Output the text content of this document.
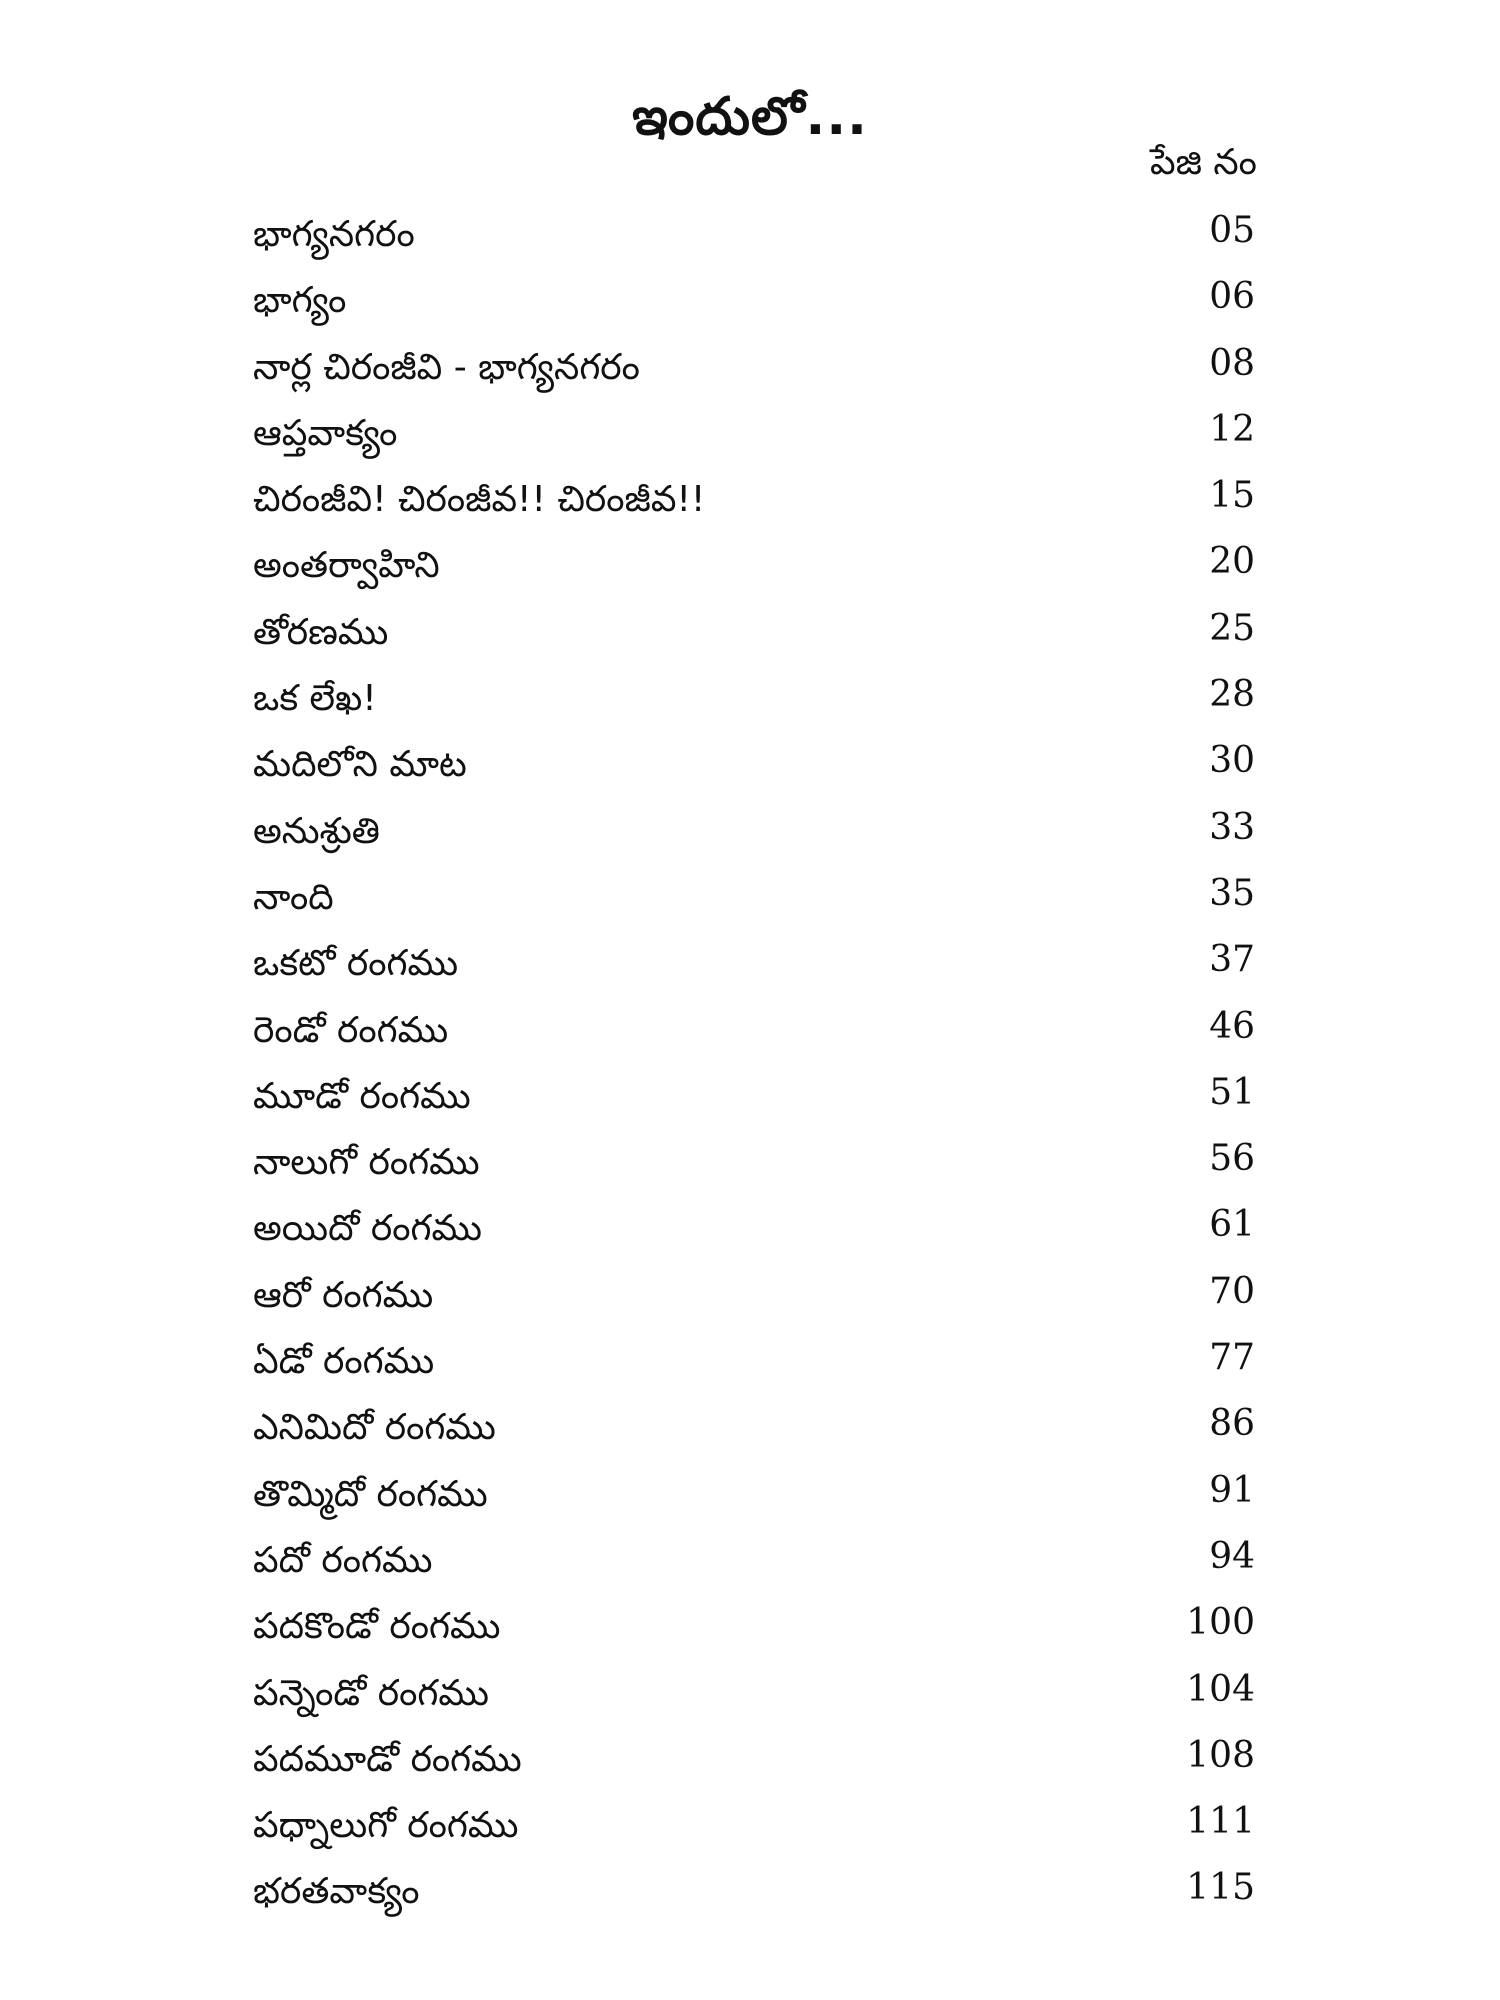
ఇందులో...
పేజి నం
భాగ్యనగరం	05
భాగ్యం	06
నార్ల చిరంజీవి - భాగ్యనగరం	08
ఆప్తవాక్యం	12
చిరంజీవి! చిరంజీవ!! చిరంజీవ!!	15
అంతర్వాహిని	20
తోరణము	25
ఒక లేఖ!	28
మదిలోని మాట	30
అనుశ్రుతి	33
నాంది	35
ఒకటో రంగము	37
రెండో రంగము	46
మూడో రంగము	51
నాలుగో రంగము	56
అయిదో రంగము	61
ఆరో రంగము	70
ఏడో రంగము	77
ఎనిమిదో రంగము	86
తొమ్మిదో రంగము	91
పదో రంగము	94
పదకొండో రంగము	100
పన్నెండో రంగము	104
పదమూడో రంగము	108
పధ్నాలుగో రంగము	111
భరతవాక్యం	115
